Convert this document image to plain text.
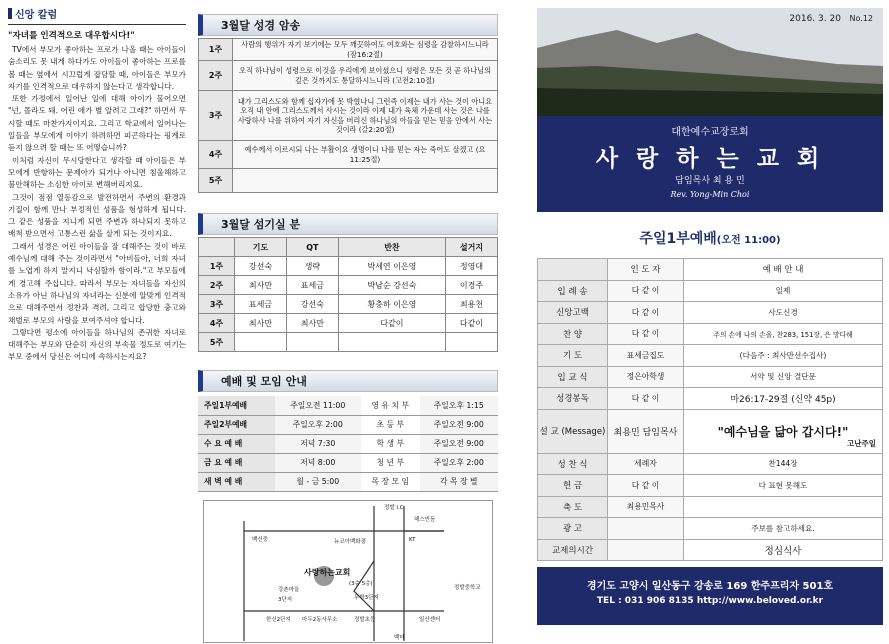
신앙 칼럼
"자녀를 인격적으로 대우합시다!"

TV에서 부모가 좋아하는 프로가 나올 때는 아이들이 숨소리도 못 내게 하다가도 아이들이 좋아하는 프로를 볼 때는 옆에서 시끄럽게 잡담할 때, 아이들은 부모가 자기를 인격적으로 대우하지 않는다고 생각합니다.

또한 가정에서 일어난 일에 대해 아이가 물어오면 "넌, 몰라도 돼. 어린 애가 별 알려고 그래?" 하면서 무시할 때도 마찬가지이지요. 그리고 학교에서 일어나는 일들을 부모에게 이야기 하려하면 피곤하다는 핑계로 듣지 않으려 할 때는 또 어떻습니까?

이처럼 자신이 무시당한다고 생각할 때 아이들은 부모에게 반항하는 문제아가 되거나 아니면 침울해하고 불안해하는 소심한 아이로 변해버리지요.

그것이 점점 열등감으로 발전하면서 주변의 환경과 기질이 함께 만나 부정적인 성품을 형성하게 됩니다. 그 같은 성품을 지니게 되면 주변과 하나되지 못하고 배척 받으면서 고통스런 삶을 살게 되는 것이지요.

그래서 성경은 어린 아이들을 잘 대해주는 것이 바로 예수님께 대해 주는 것이라면서 "아비들아, 너희 자녀를 노엽게 하지 말지니 낙심할까 함이라."고 부모들에게 경고해 주십니다. 따라서 부모는 자녀들을 자신의 소유가 아닌 하나님의 자녀라는 신분에 알맞게 인격적으로 대해주면서 정찬과 격려, 그리고 합당한 충고와 채벌로 부모의 사랑을 보여주셔야 합니다.

그렇다면 평소에 아이들을 하나님의 존귀한 자녀로 대해주는 부모와 단순히 자신의 부속물 정도로 여기는 부모 중에서 당신은 어디에 속하시는지요?

3월달 성경 암송
1주	사람의 행위가 자기 보기에는 모두 깨끗하여도 여호와는 심령을 감찰하시느니라 (잠16:2절)
2주	오직 하나님이 성령으로 이것을 우리에게 보이셨으니 성령은 모든 것 곧 하나님의 깊은 것까지도 통달하시느니라 (고전2:10절)
3주	내가 그리스도와 함께 십자가에 못 박혔나니 그런즉 이제는 내가 사는 것이 아니요 오직 내 안에 그리스도께서 사시는 것이라 이제 내가 육체 가운데 사는 것은 나를 사랑하사 나를 위하여 자기 자신을 버리신 하나님의 아들을 믿는 믿음 안에서 사는 것이라 (갈2:20절)
4주	예수께서 이르시되 나는 부활이요 생명이니 나를 믿는 자는 죽어도 살겠고 (요11:25절)
5주	
3월달 섬기실 분
	기도	QT	반찬	설거지
1주	강선숙	생략	박세연 이은영	정영대
2주	최사만	표세금	박남순 강선숙	이경주
3주	표세금	강선숙	황충하 이은영	최용천
4주	최사만	최사만	다같이	다같이
5주				
예배 및 모임 안내
주일1부예배	주일오전 11:00	영 유 치 부	주일오후 1:15
주일2부예배	주일오후 2:00	초 등 부	주일오전 9:00
수 요 예 배	저녁 7:30	학 생 부	주일오전 9:00
금 요 예 배	저녁 8:00	청 년 부	주일오후 2:00
새 벽 예 배	월 - 금 5:00	목 장 모 임	각 목 장 별
정발 I.C
헤스빈듬
백신중	뉴코아백화점	KT
사랑하는교회
(3층 5층)
강촌마을
3단지	무방3단지
정발중학교
한신2단지 마두2동사무소	정발초등	일산센터
백마
2016. 3. 20 No.12
대한예수교장로회
사 랑 하 는 교 회
담임목사 최 용 민
Rev. Yong-Min Choi
주일1부예배(오전 11:00)
	인 도 자	예 배 안 내
입 례 송	다 같 이	일제
신앙고백	다 같 이	사도신경
찬 양	다 같 이	주의 손에 나의 손을, 찬283, 151장, 은 망다해
기 도	표세금집도	(다음주 : 최사만선수집사)
입 교 식	정은아학생	서약 및 신앙 결단문
성경봉독	다 같 이	마26:17-29절 (신약 45p)
설 교 (Message)	최용민 담임목사	"예수님을 닮아 갑시다!"
고난주일

성 찬 식	세례자	찬144장
헌 금	다 같 이	다 표현 못해도
축 도	최용민목사	
광 고		주보를 참고하세요.
교제의시간		정심식사
경기도 고양시 일산동구 강송로 169 한주프리자 501호
TEL : 031 906 8135 http://www.beloved.or.kr
